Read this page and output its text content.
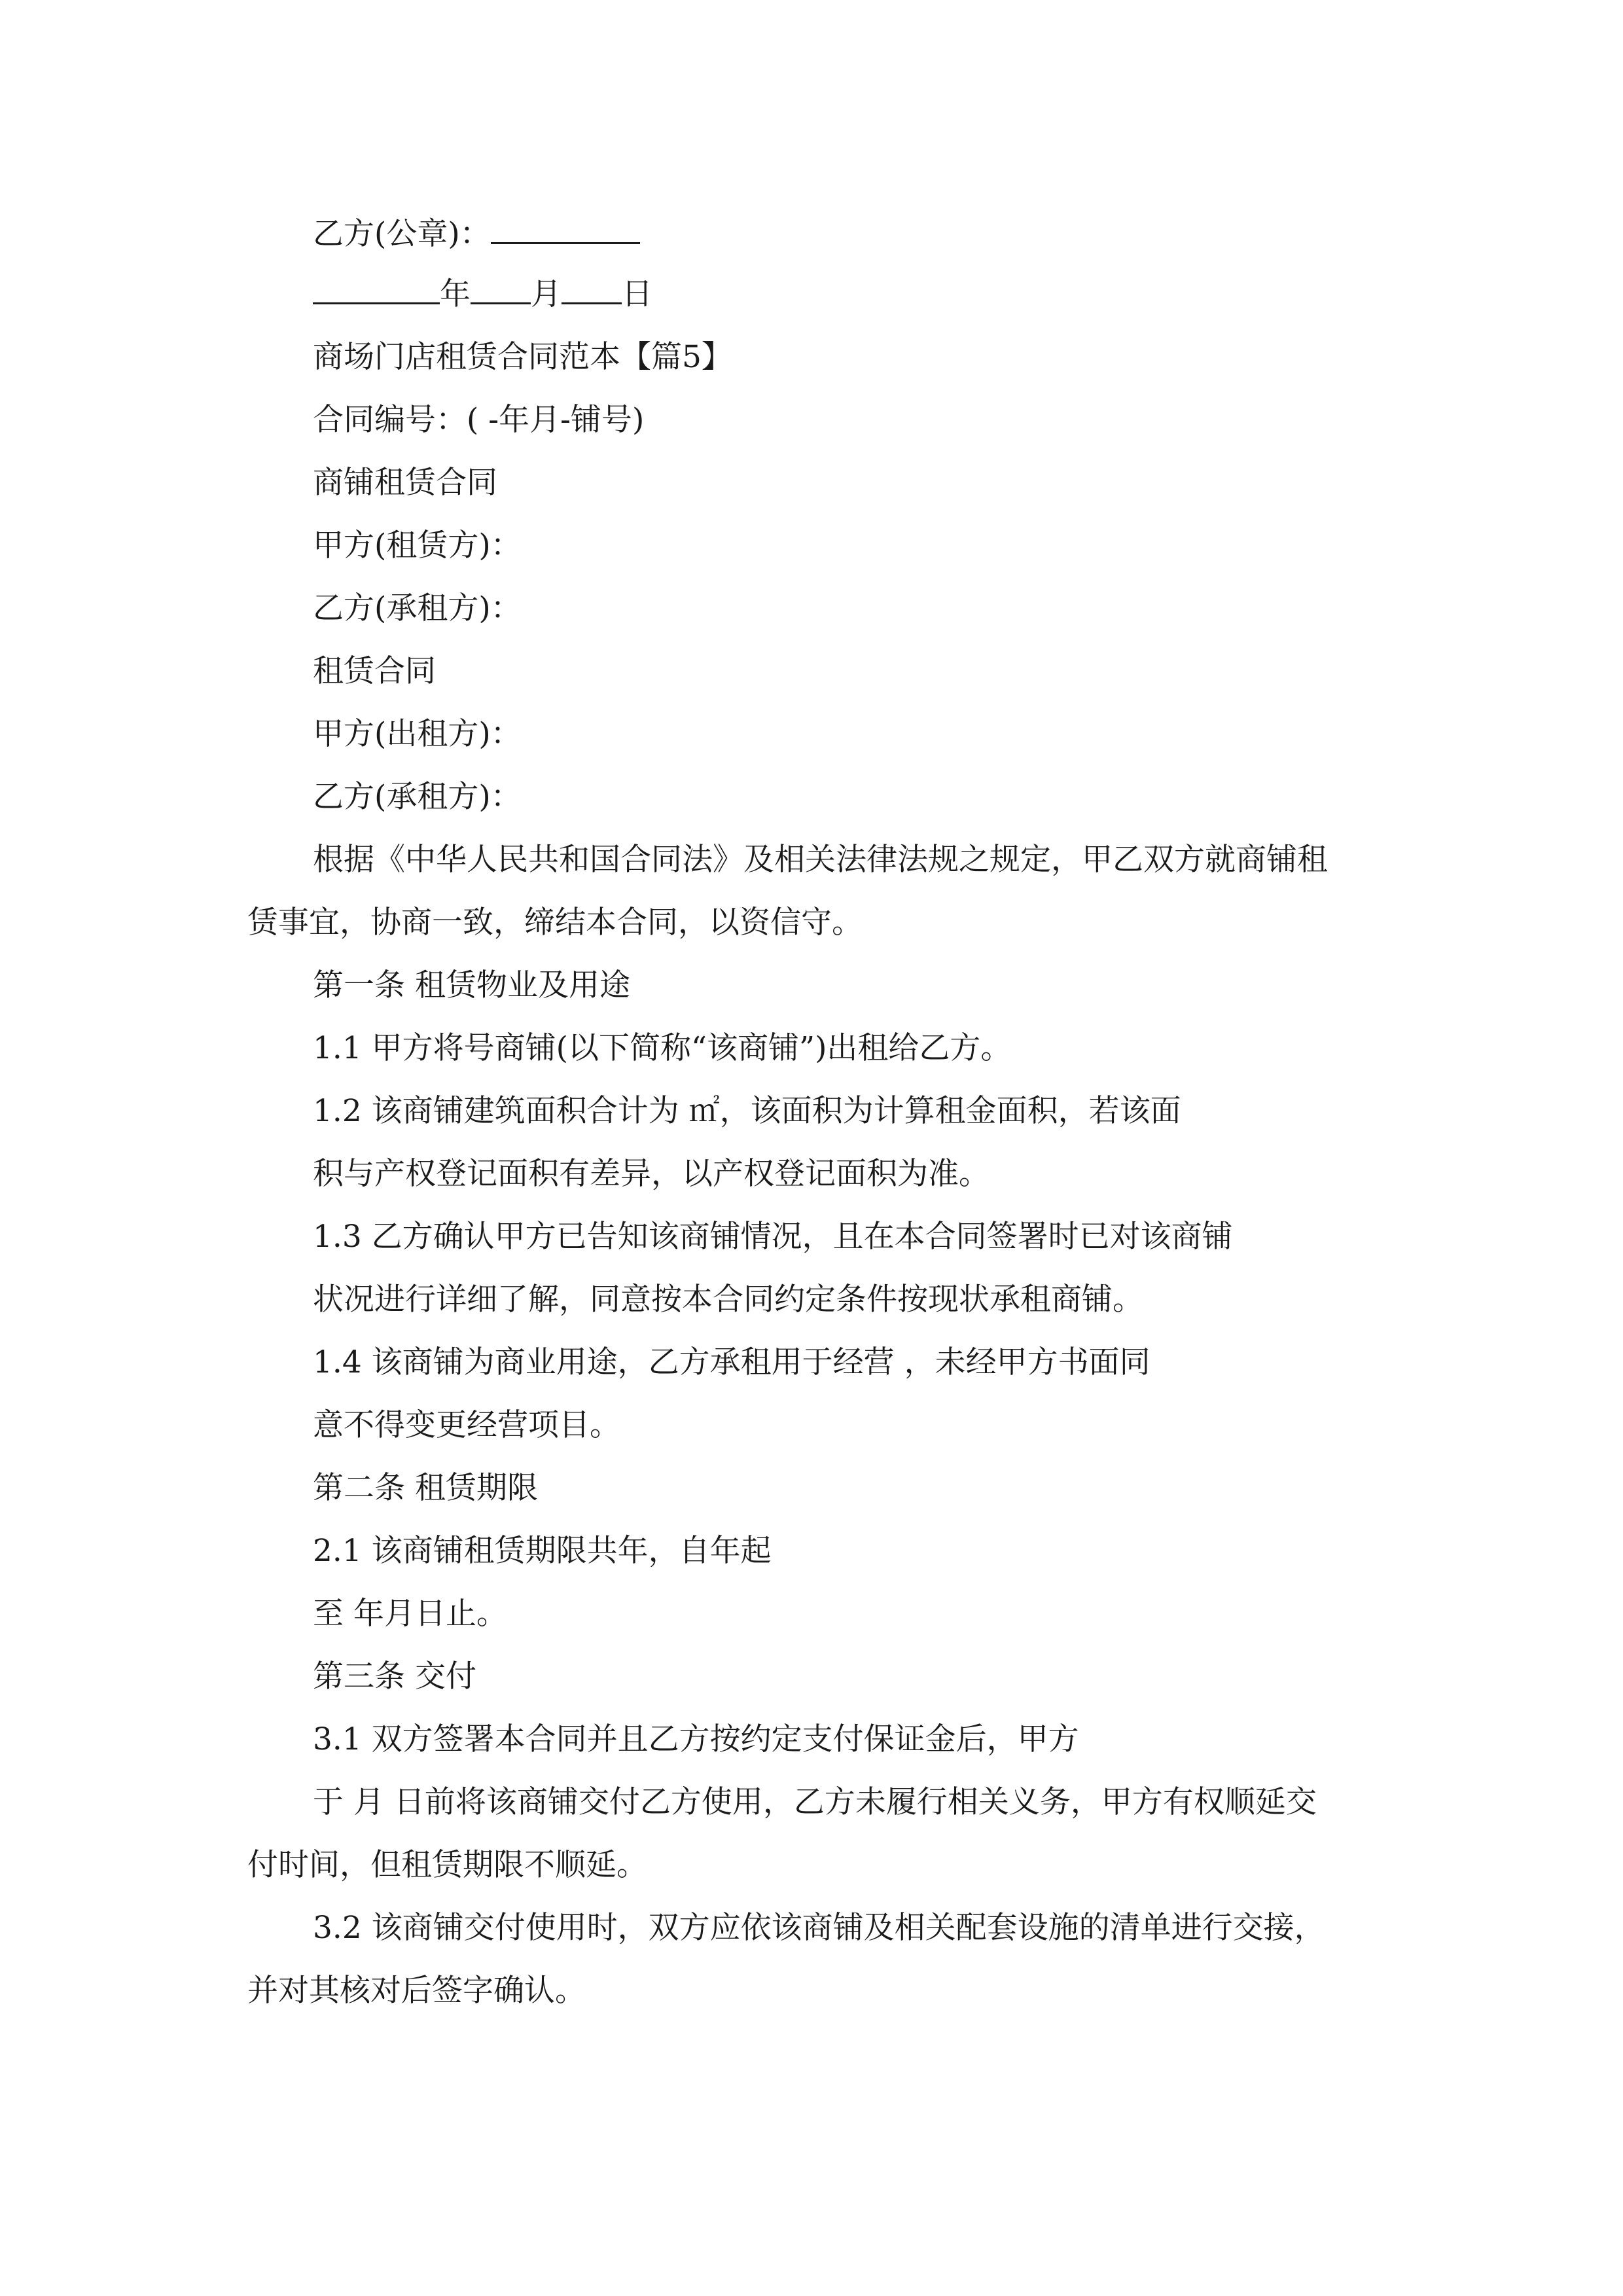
乙方(公章)：
年 月 日
商场门店租赁合同范本【篇5】
合同编号：( -年月-铺号)
商铺租赁合同
甲方(租赁方)：
乙方(承租方)：
租赁合同
甲方(出租方)：
乙方(承租方)：
根据《中华人民共和国合同法》及相关法律法规之规定，甲乙双方就商铺租
赁事宜，协商一致，缔结本合同，以资信守。
第一条 租赁物业及用途
1.1 甲方将号商铺(以下简称“该商铺”)出租给乙方。
1.2 该商铺建筑面积合计为 ㎡，该面积为计算租金面积，若该面
积与产权登记面积有差异，以产权登记面积为准。
1.3 乙方确认甲方已告知该商铺情况，且在本合同签署时已对该商铺
状况进行详细了解，同意按本合同约定条件按现状承租商铺。
1.4 该商铺为商业用途，乙方承租用于经营 ，未经甲方书面同
意不得变更经营项目。
第二条 租赁期限
2.1 该商铺租赁期限共年，自年起
至 年月日止。
第三条 交付
3.1 双方签署本合同并且乙方按约定支付保证金后，甲方
于 月 日前将该商铺交付乙方使用，乙方未履行相关义务，甲方有权顺延交
付时间，但租赁期限不顺延。
3.2 该商铺交付使用时，双方应依该商铺及相关配套设施的清单进行交接，
并对其核对后签字确认。
